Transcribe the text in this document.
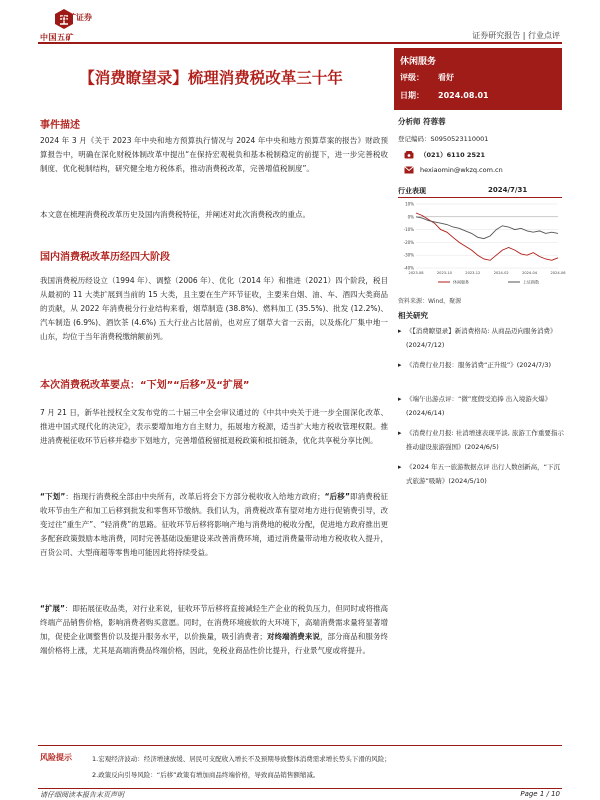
中国五矿
五矿证券
证券研究报告 | 行业点评
【消费瞭望录】梳理消费税改革三十年
事件描述
2024 年 3 月《关于 2023 年中央和地方预算执行情况与 2024 年中央和地方预算草案的报告》财政预算报告中，明确在深化财税体制改革中提出“在保持宏观税负和基本税制稳定的前提下，进一步完善税收制度、优化税制结构，研究健全地方税体系，推动消费税改革，完善增值税制度”。
本文意在梳理消费税改革历史及国内消费税特征，并阐述对此次消费税改的重点。
国内消费税改革历经四大阶段
我国消费税历经设立（1994 年）、调整（2006 年）、优化（2014 年）和推进（2021）四个阶段，税目从最初的 11 大类扩展到当前的 15 大类，且主要在生产环节征收，主要来自烟、油、车、酒四大类商品的贡献，从 2022 年消费税分行业结构来看，烟草制造 (38.8%)、燃料加工 (35.5%)、批发 (12.2%)、汽车制造 (6.9%)、酒饮茶 (4.6%) 五大行业占比居前，也对应了烟草大省一云南，以及炼化厂集中地一山东，均位于当年消费税缴纳额前列。
本次消费税改革要点：“下划”“后移”及“扩展”
7 月 21 日，新华社授权全文发布党的二十届三中全会审议通过的《中共中央关于进一步全面深化改革、推进中国式现代化的决定》，表示要增加地方自主财力，拓展地方税源，适当扩大地方税收管理权限。推进消费税征收环节后移并稳步下划地方，完善增值税留抵退税政策和抵扣链条，优化共享税分享比例。
“下划”：指现行消费税全部由中央所有，改革后将会下方部分税收收入给地方政府；“后移”即消费税征收环节由生产和加工后移到批发和零售环节缴纳。我们认为，消费税改革有望对地方进行促销费引导，改变过往“重生产”、“轻消费”的思路。征收环节后移将影响产地与消费地的税收分配，促进地方政府推出更多配套政策鼓励本地消费，同时完善基础设施建设来改善消费环境，通过消费量带动地方税收收入提升，百货公司、大型商超等零售地可能因此将持续受益。
“扩展”：即拓展征收品类，对行业来说，征收环节后移将直接减轻生产企业的税负压力，但同时或将推高终端产品销售价格，影响消费者购买意愿。同时，在消费环境疲软的大环境下，高端消费需求量将显著增加，促使企业调整售价以及提升服务水平，以价换量，吸引消费者；对终端消费来说，部分商品和服务终端价格将上涨，尤其是高端消费品终端价格，因此，免税业商品性价比提升，行业景气度或将提升。
休闲服务
评级： 看好
日期： 2024.08.01
分析师 符蓉蓉
登记编码：S0950523110001
（021）6110 2521
hexiaomin@wkzq.com.cn
行业表现	2024/7/31
10%
0%
-10%
-20%
-30%
-40%
2023-08	2023-10	2023-12	2024-02	2024-04	2024-06
休闲服务	上证指数
资料来源：Wind，聚源
相关研究
▸ 《【消费瞭望录】新消费格局: 从商品迈向服务消费》(2024/7/12)
▸ 《消费行业月报：服务消费“正升级”》(2024/7/3)
▸ 《端午出游点评：“微”度假受追捧 出入境游火爆》(2024/6/14)
▸ 《消费行业月报: 社消增速表现平淡, 旅游工作重要指示推动建设旅游强国》(2024/6/5)
▸ 《2024 年五一旅游数据点评 出行人数创新高，“下沉式旅游”吸睛》(2024/5/10)
风险提示	1.宏观经济波动：经济增速放缓、居民可支配收入增长不及预期导致整体消费需求增长势头下滑的风险；
2.政策反向引导风险：“后移”政策有增加商品终端价格，导致商品销售额缩减。
请仔细阅读本报告末页声明	Page 1 / 10
